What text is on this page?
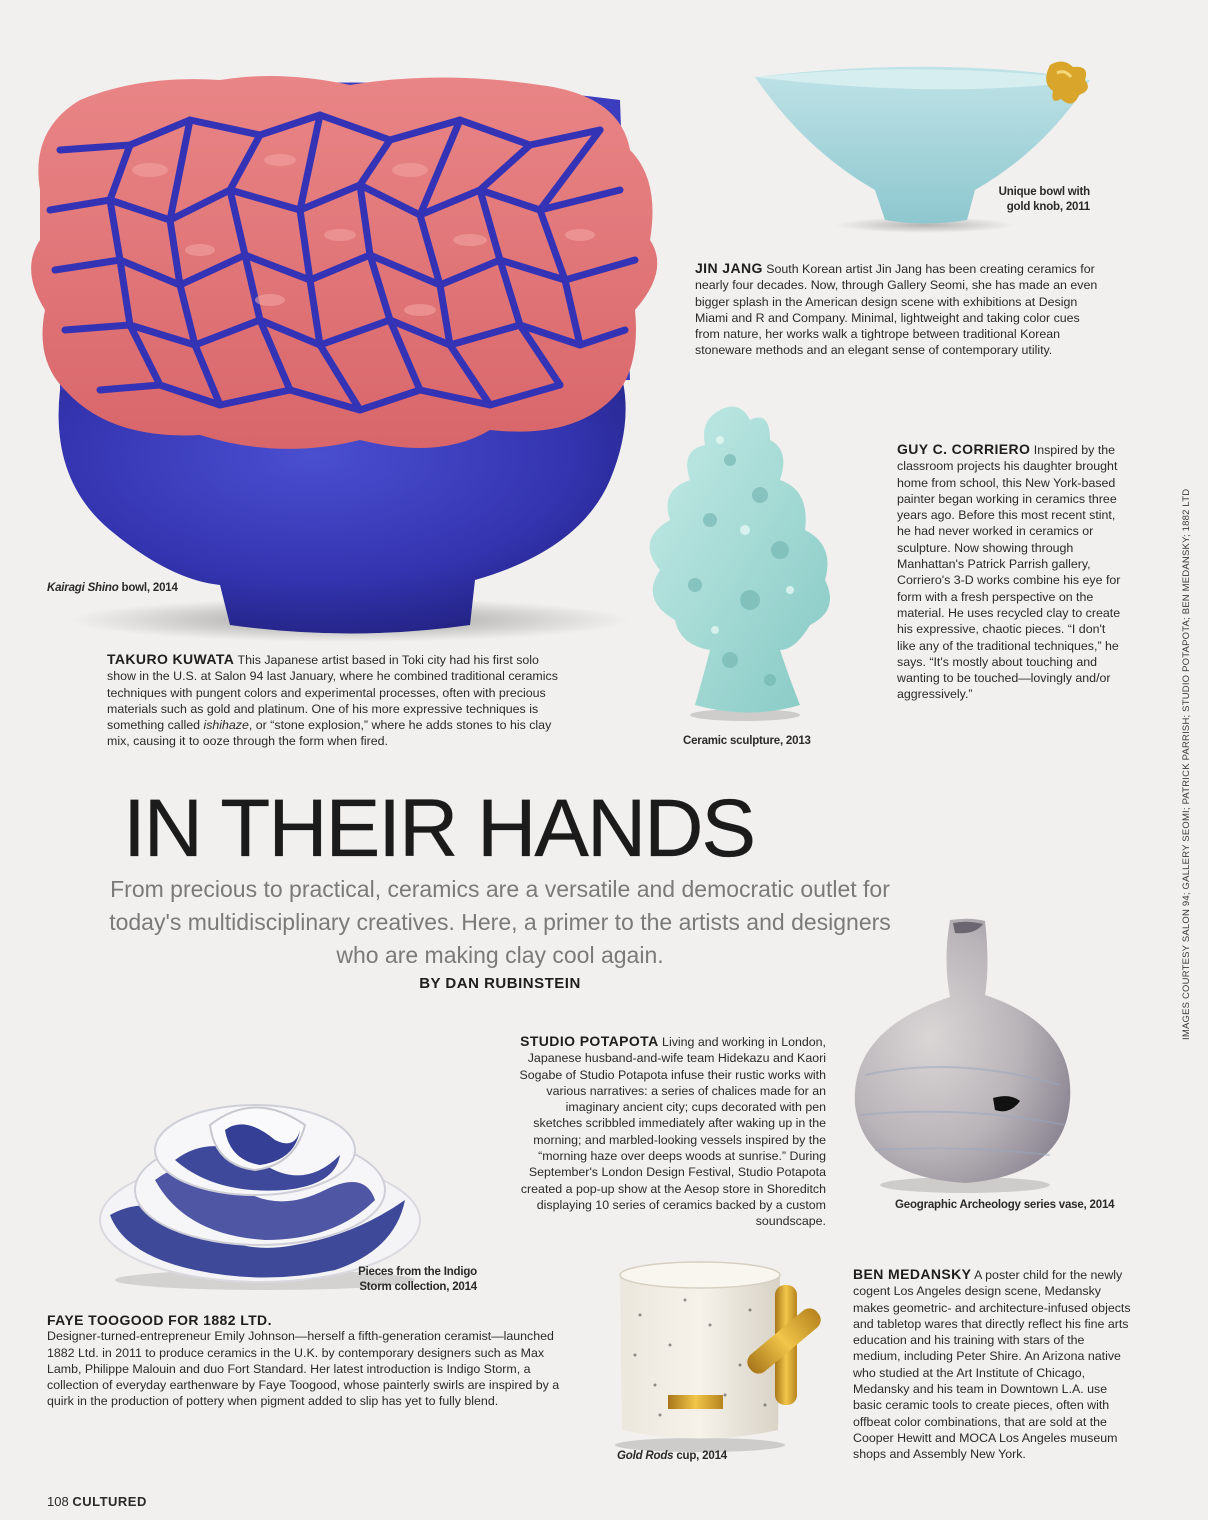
Kairagi Shino bowl, 2014
TAKURO KUWATA This Japanese artist based in Toki city had his first solo show in the U.S. at Salon 94 last January, where he combined traditional ceramics techniques with pungent colors and experimental processes, often with precious materials such as gold and platinum. One of his more expressive techniques is something called ishihaze, or “stone explosion,” where he adds stones to his clay mix, causing it to ooze through the form when fired.
Unique bowl with
gold knob, 2011
JIN JANG South Korean artist Jin Jang has been creating ceramics for nearly four decades. Now, through Gallery Seomi, she has made an even bigger splash in the American design scene with exhibitions at Design Miami and R and Company. Minimal, lightweight and taking color cues from nature, her works walk a tightrope between traditional Korean stoneware methods and an elegant sense of contemporary utility.
Ceramic sculpture, 2013
GUY C. CORRIERO Inspired by the classroom projects his daughter brought home from school, this New York-based painter began working in ceramics three years ago. Before this most recent stint, he had never worked in ceramics or sculpture. Now showing through Manhattan's Patrick Parrish gallery, Corriero's 3-D works combine his eye for form with a fresh perspective on the material. He uses recycled clay to create his expressive, chaotic pieces. “I don't like any of the traditional techniques,” he says. “It's mostly about touching and wanting to be touched—lovingly and/or aggressively.”	IMAGES COURTESY SALON 94; GALLERY SEOMI; PATRICK PARRISH; STUDIO POTAPOTA; BEN MEDANSKY; 1882 LTD
IN THEIR HANDS
From precious to practical, ceramics are a versatile and democratic outlet for today's multidisciplinary creatives. Here, a primer to the artists and designers who are making clay cool again.
BY DAN RUBINSTEIN
Geographic Archeology series vase, 2014
STUDIO POTAPOTA Living and working in London, Japanese husband-and-wife team Hidekazu and Kaori Sogabe of Studio Potapota infuse their rustic works with various narratives: a series of chalices made for an imaginary ancient city; cups decorated with pen sketches scribbled immediately after waking up in the morning; and marbled-looking vessels inspired by the “morning haze over deeps woods at sunrise.” During September's London Design Festival, Studio Potapota created a pop-up show at the Aesop store in Shoreditch displaying 10 series of ceramics backed by a custom soundscape.
Pieces from the Indigo
Storm collection, 2014
FAYE TOOGOOD FOR 1882 LTD.
Designer-turned-entrepreneur Emily Johnson—herself a fifth-generation ceramist—launched 1882 Ltd. in 2011 to produce ceramics in the U.K. by contemporary designers such as Max Lamb, Philippe Malouin and duo Fort Standard. Her latest introduction is Indigo Storm, a collection of everyday earthenware by Faye Toogood, whose painterly swirls are inspired by a quirk in the production of pottery when pigment added to slip has yet to fully blend.
Gold Rods cup, 2014
BEN MEDANSKY A poster child for the newly cogent Los Angeles design scene, Medansky makes geometric- and architecture-infused objects and tabletop wares that directly reflect his fine arts education and his training with stars of the medium, including Peter Shire. An Arizona native who studied at the Art Institute of Chicago, Medansky and his team in Downtown L.A. use basic ceramic tools to create pieces, often with offbeat color combinations, that are sold at the Cooper Hewitt and MOCA Los Angeles museum shops and Assembly New York.
108 CULTURED
